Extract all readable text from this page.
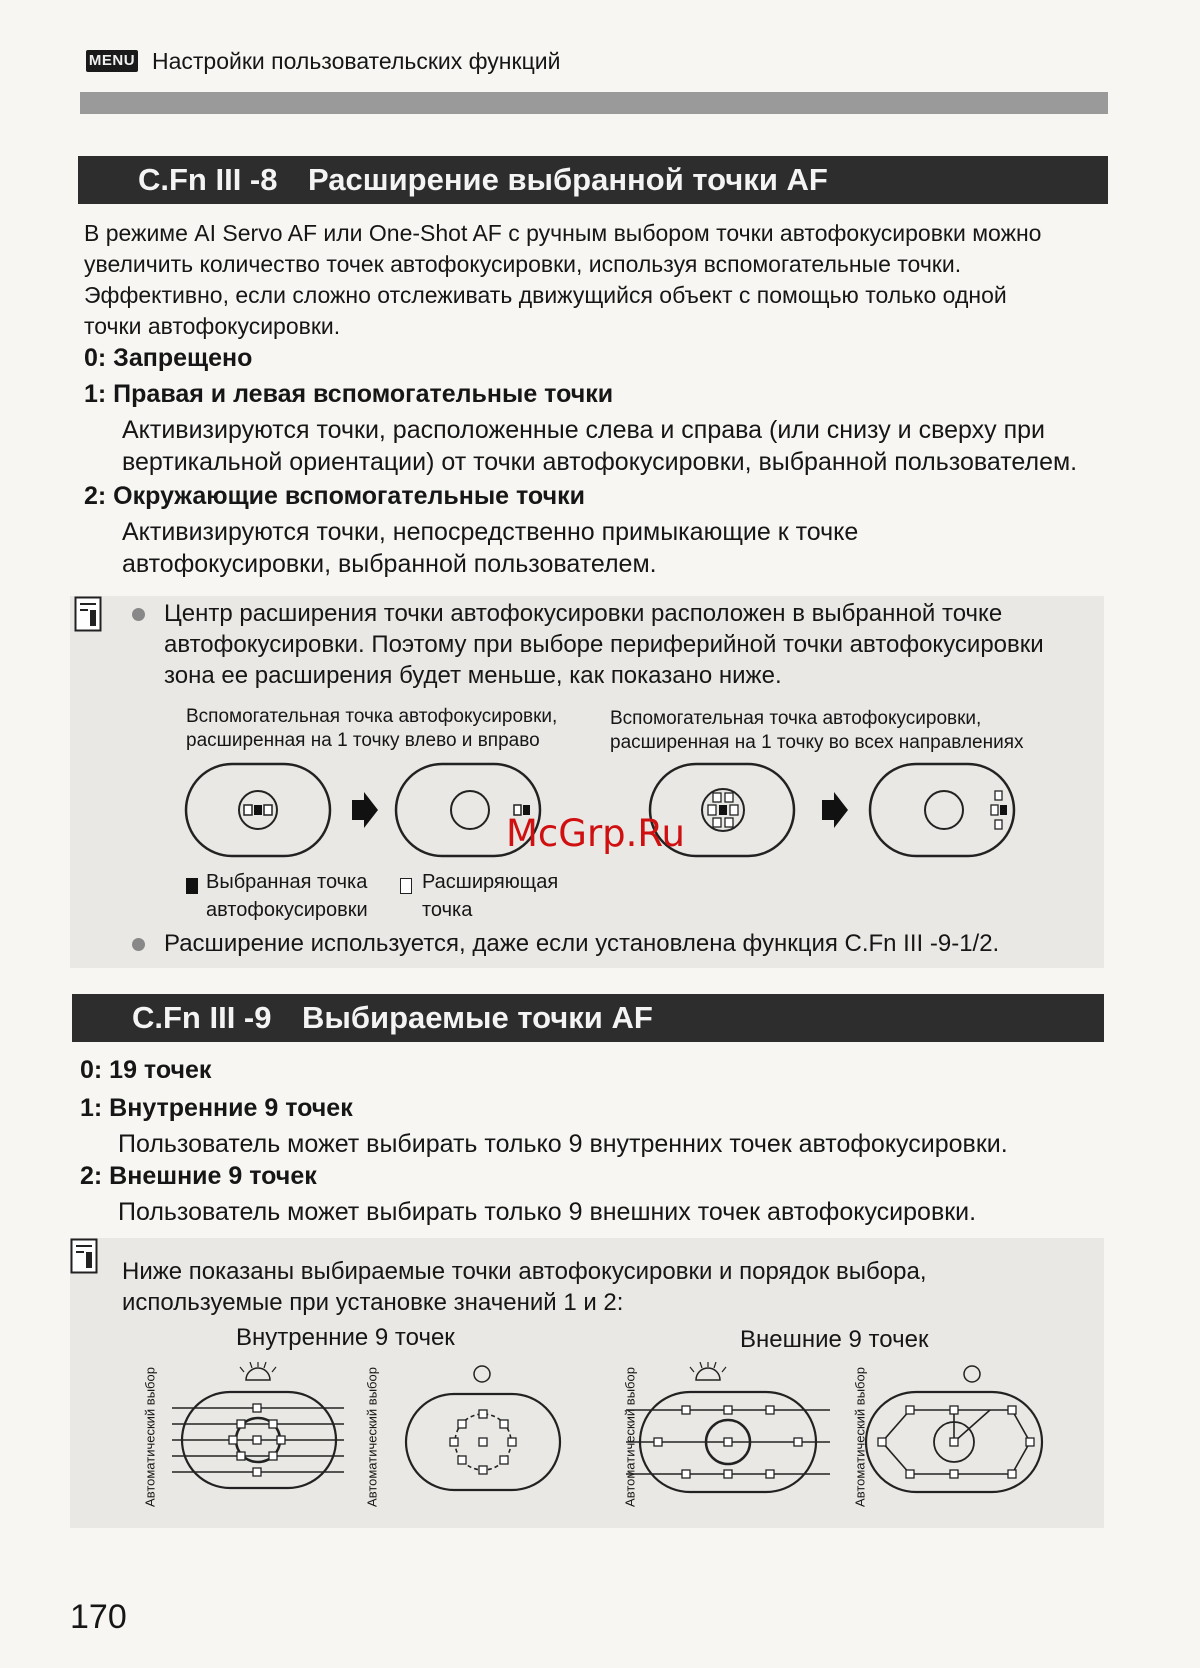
MENU Настройки пользовательских функций
C.Fn III -8 Расширение выбранной точки AF
В режиме AI Servo AF или One-Shot AF с ручным выбором точки автофокусировки можно
увеличить количество точек автофокусировки, используя вспомогательные точки.
Эффективно, если сложно отслеживать движущийся объект с помощью только одной
точки автофокусировки.
0: Запрещено
1: Правая и левая вспомогательные точки
Активизируются точки, расположенные слева и справа (или снизу и сверху при
вертикальной ориентации) от точки автофокусировки, выбранной пользователем.
2: Окружающие вспомогательные точки
Активизируются точки, непосредственно примыкающие к точке
автофокусировки, выбранной пользователем.
Центр расширения точки автофокусировки расположен в выбранной точке
автофокусировки. Поэтому при выборе периферийной точки автофокусировки
зона ее расширения будет меньше, как показано ниже.
Вспомогательная точка автофокусировки,
расширенная на 1 точку влево и вправо
Вспомогательная точка автофокусировки,
расширенная на 1 точку во всех направлениях
Выбранная точка
автофокусировки
Расширяющая
точка
Расширение используется, даже если установлена функция C.Fn III -9-1/2.
C.Fn III -9 Выбираемые точки AF
0: 19 точек
1: Внутренние 9 точек
Пользователь может выбирать только 9 внутренних точек автофокусировки.
2: Внешние 9 точек
Пользователь может выбирать только 9 внешних точек автофокусировки.
Ниже показаны выбираемые точки автофокусировки и порядок выбора,
используемые при установке значений 1 и 2:
Внутренние 9 точек	Внешние 9 точек
Автоматический выбор	Автоматический выбор	Автоматический выбор	Автоматический выбор
170
McGrp.Ru
